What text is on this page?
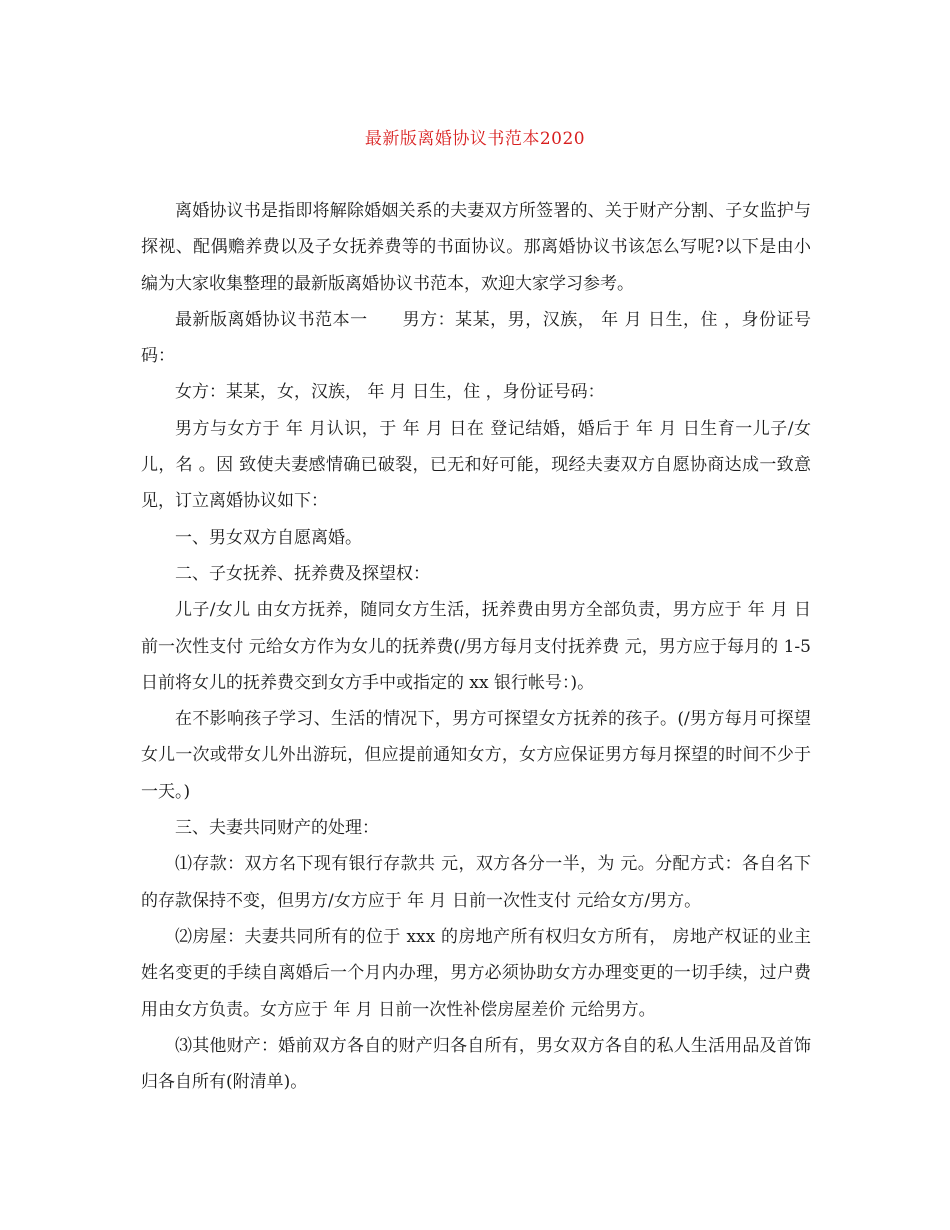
最新版离婚协议书范本2020

离婚协议书是指即将解除婚姻关系的夫妻双方所签署的、关于财产分割、子女监护与探视、配偶赡养费以及子女抚养费等的书面协议。那离婚协议书该怎么写呢?以下是由小编为大家收集整理的最新版离婚协议书范本，欢迎大家学习参考。

最新版离婚协议书范本一　　男方：某某，男，汉族， 年 月 日生，住 ，身份证号码：

女方：某某，女，汉族， 年 月 日生，住 ，身份证号码：

男方与女方于 年 月认识，于 年 月 日在 登记结婚，婚后于 年 月 日生育一儿子/女儿，名 。因 致使夫妻感情确已破裂，已无和好可能，现经夫妻双方自愿协商达成一致意见，订立离婚协议如下：

一、男女双方自愿离婚。

二、子女抚养、抚养费及探望权：

儿子/女儿 由女方抚养，随同女方生活，抚养费由男方全部负责，男方应于 年 月 日前一次性支付 元给女方作为女儿的抚养费(/男方每月支付抚养费 元，男方应于每月的 1-5 日前将女儿的抚养费交到女方手中或指定的 xx 银行帐号：)。

在不影响孩子学习、生活的情况下，男方可探望女方抚养的孩子。(/男方每月可探望女儿一次或带女儿外出游玩，但应提前通知女方，女方应保证男方每月探望的时间不少于一天。)

三、夫妻共同财产的处理：

⑴存款：双方名下现有银行存款共 元，双方各分一半，为 元。分配方式：各自名下的存款保持不变，但男方/女方应于 年 月 日前一次性支付 元给女方/男方。

⑵房屋：夫妻共同所有的位于 xxx 的房地产所有权归女方所有， 房地产权证的业主姓名变更的手续自离婚后一个月内办理，男方必须协助女方办理变更的一切手续，过户费用由女方负责。女方应于 年 月 日前一次性补偿房屋差价 元给男方。

⑶其他财产：婚前双方各自的财产归各自所有，男女双方各自的私人生活用品及首饰归各自所有(附清单)。
